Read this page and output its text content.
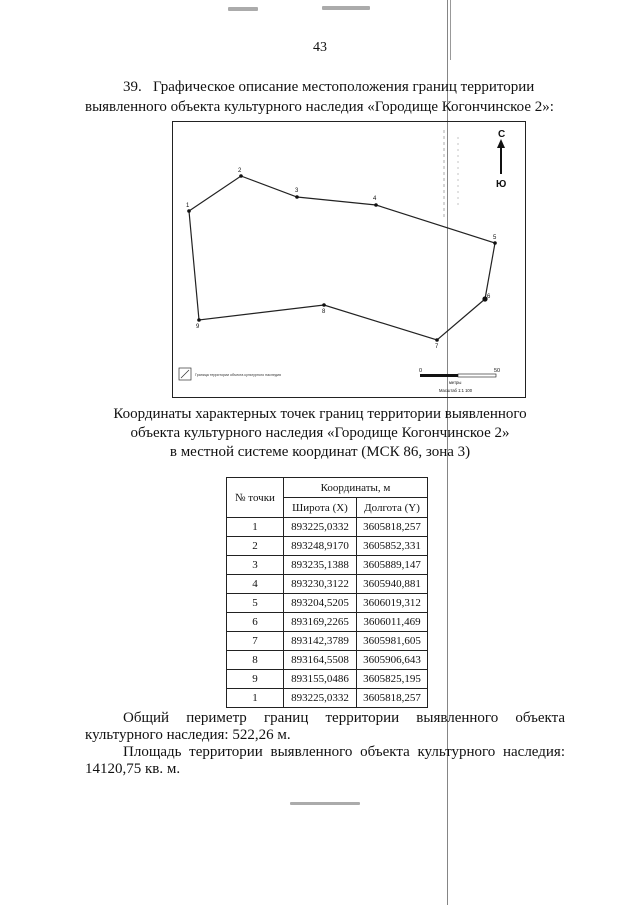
43
39. Графическое описание местоположения границ территории
выявленного объекта культурного наследия «Городище Когончинское 2»:
1
2
3
4
5
6
7
8
9
С
Ю
Граница территории объекта культурного наследия
0	50
метры
Масштаб 1:1 100
Координаты характерных точек границ территории выявленного
объекта культурного наследия «Городище Когончинское 2»
в местной системе координат (МСК 86, зона 3)
№ точки	Координаты, м	
	Широта (X)	Долгота (Y)
1	893225,0332	3605818,257
2	893248,9170	3605852,331
3	893235,1388	3605889,147
4	893230,3122	3605940,881
5	893204,5205	3606019,312
6	893169,2265	3606011,469
7	893142,3789	3605981,605
8	893164,5508	3605906,643
9	893155,0486	3605825,195
1	893225,0332	3605818,257
Общий периметр границ территории выявленного объекта
культурного наследия: 522,26 м.
Площадь территории выявленного объекта культурного наследия:
14120,75 кв. м.
